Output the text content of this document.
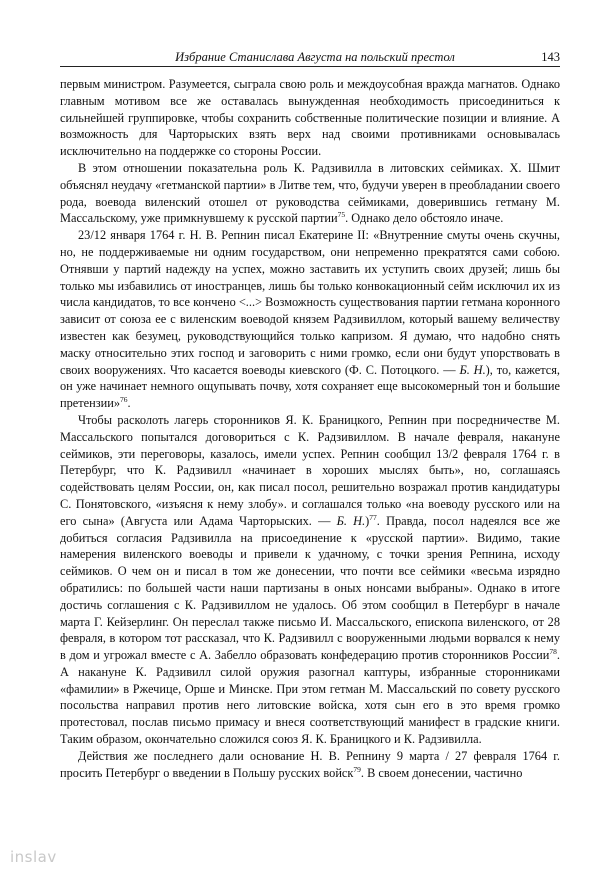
Избрание Станислава Августа на польский престол	143

первым министром. Разумеется, сыграла свою роль и междоусобная вражда магнатов. Однако главным мотивом все же оставалась вынужденная необходимость присоединиться к сильнейшей группировке, чтобы сохранить собственные политические позиции и влияние. А возможность для Чарторыских взять верх над своими противниками основывалась исключительно на поддержке со стороны России.

В этом отношении показательна роль К. Радзивилла в литовских сеймиках. Х. Шмит объяснял неудачу «гетманской партии» в Литве тем, что, будучи уверен в преобладании своего рода, воевода виленский отошел от руководства сеймиками, доверившись гетману М. Массальскому, уже примкнувшему к русской партии$^{75}$. Однако дело обстояло иначе.

23/12 января 1764 г. Н. В. Репнин писал Екатерине II: «Внутренние смуты очень скучны, но, не поддерживаемые ни одним государством, они непременно прекратятся сами собою. Отнявши у партий надежду на успех, можно заставить их уступить своих друзей; лишь бы только мы избавились от иностранцев, лишь бы только конвокационный сейм исключил их из числа кандидатов, то все кончено <...> Возможность существования партии гетмана коронного зависит от союза ее с виленским воеводой князем Радзивиллом, который вашему величеству известен как безумец, руководствующийся только капризом. Я думаю, что надобно снять маску относительно этих господ и заговорить с ними громко, если они будут упорствовать в своих вооружениях. Что касается воеводы киевского (Ф. С. Потоцкого. — Б. Н.), то, кажется, он уже начинает немного ощупывать почву, хотя сохраняет еще высокомерный тон и большие претензии»$^{76}$.

Чтобы расколоть лагерь сторонников Я. К. Браницкого, Репнин при посредничестве М. Массальского попытался договориться с К. Радзивиллом. В начале февраля, накануне сеймиков, эти переговоры, казалось, имели успех. Репнин сообщил 13/2 февраля 1764 г. в Петербург, что К. Радзивилл «начинает в хороших мыслях быть», но, соглашаясь содействовать целям России, он, как писал посол, решительно возражал против кандидатуры С. Понятовского, «изъясня к нему злобу». и соглашался только «на воеводу русского или на его сына» (Августа или Адама Чарторыских. — Б. Н.)$^{77}$. Правда, посол надеялся все же добиться согласия Радзивилла на присоединение к «русской партии». Видимо, такие намерения виленского воеводы и привели к удачному, с точки зрения Репнина, исходу сеймиков. О чем он и писал в том же донесении, что почти все сеймики «весьма изрядно обратились: по большей части наши партизаны в оных нонсами выбраны». Однако в итоге достичь соглашения с К. Радзивиллом не удалось. Об этом сообщил в Петербург в начале марта Г. Кейзерлинг. Он переслал также письмо И. Массальского, епископа виленского, от 28 февраля, в котором тот рассказал, что К. Радзивилл с вооруженными людьми ворвался к нему в дом и угрожал вместе с А. Забелло образовать конфедерацию против сторонников России$^{78}$. А накануне К. Радзивилл силой оружия разогнал каптуры, избранные сторонниками «фамилии» в Ржечице, Орше и Минске. При этом гетман М. Массальский по совету русского посольства направил против него литовские войска, хотя сын его в это время громко протестовал, послав письмо примасу и внеся соответствующий манифест в градские книги. Таким образом, окончательно сложился союз Я. К. Браницкого и К. Радзивилла.

Действия же последнего дали основание Н. В. Репнину 9 марта / 27 февраля 1764 г. просить Петербург о введении в Польшу русских войск$^{79}$. В своем донесении, частично

inslav
